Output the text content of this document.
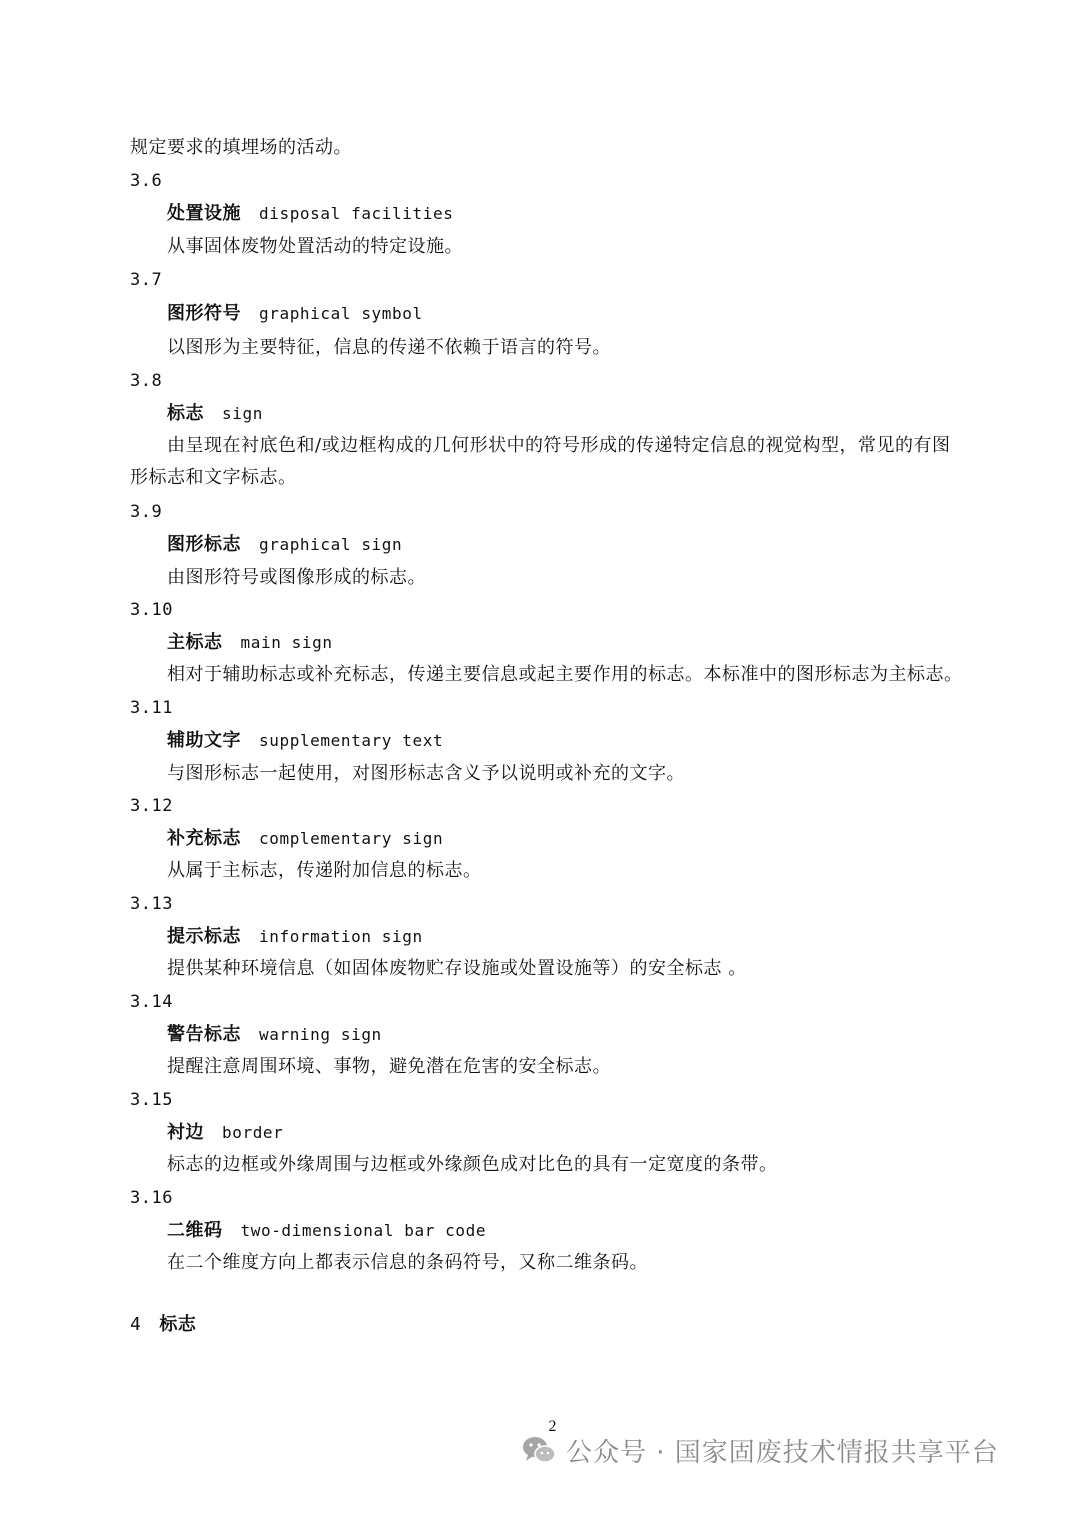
规定要求的填埋场的活动。
3.6
处置设施 disposal facilities
从事固体废物处置活动的特定设施。
3.7
图形符号 graphical symbol
以图形为主要特征，信息的传递不依赖于语言的符号。
3.8
标志 sign
由呈现在衬底色和/或边框构成的几何形状中的符号形成的传递特定信息的视觉构型，常见的有图
形标志和文字标志。
3.9
图形标志 graphical sign
由图形符号或图像形成的标志。
3.10
主标志 main sign
相对于辅助标志或补充标志，传递主要信息或起主要作用的标志。本标准中的图形标志为主标志。
3.11
辅助文字 supplementary text
与图形标志一起使用，对图形标志含义予以说明或补充的文字。
3.12
补充标志 complementary sign
从属于主标志，传递附加信息的标志。
3.13
提示标志 information sign
提供某种环境信息（如固体废物贮存设施或处置设施等）的安全标志 。
3.14
警告标志 warning sign
提醒注意周围环境、事物，避免潜在危害的安全标志。
3.15
衬边 border
标志的边框或外缘周围与边框或外缘颜色成对比色的具有一定宽度的条带。
3.16
二维码 two-dimensional bar code
在二个维度方向上都表示信息的条码符号，又称二维条码。
4 标志
2
公众号 · 国家固废技术情报共享平台
